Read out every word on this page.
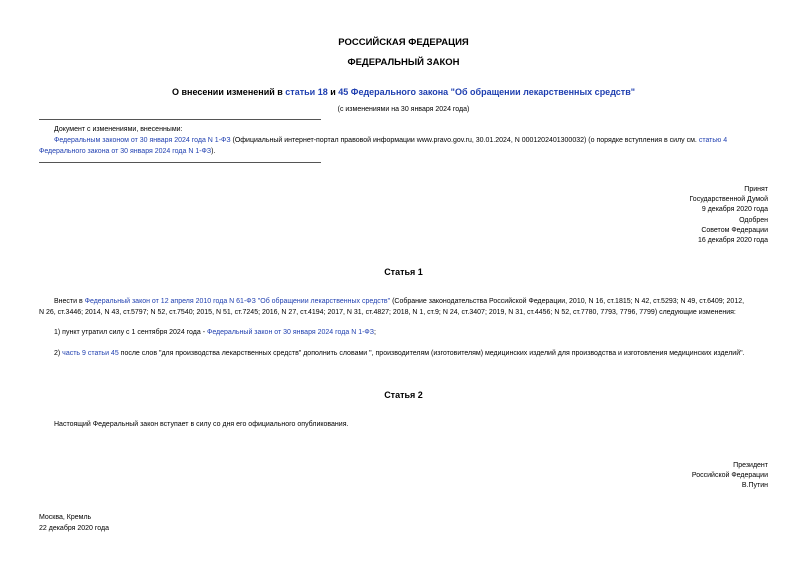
РОССИЙСКАЯ ФЕДЕРАЦИЯ
ФЕДЕРАЛЬНЫЙ ЗАКОН
О внесении изменений в статьи 18 и 45 Федерального закона "Об обращении лекарственных средств"
(с изменениями на 30 января 2024 года)
Документ с изменениями, внесенными:
Федеральным законом от 30 января 2024 года N 1-ФЗ (Официальный интернет-портал правовой информации www.pravo.gov.ru, 30.01.2024, N 0001202401300032) (о порядке вступления в силу см. статью 4 Федерального закона от 30 января 2024 года N 1-ФЗ).
Принят
Государственной Думой
9 декабря 2020 года
Одобрен
Советом Федерации
16 декабря 2020 года
Статья 1
Внести в Федеральный закон от 12 апреля 2010 года N 61-ФЗ "Об обращении лекарственных средств" (Собрание законодательства Российской Федерации, 2010, N 16, ст.1815; N 42, ст.5293; N 49, ст.6409; 2012,
N 26, ст.3446; 2014, N 43, ст.5797; N 52, ст.7540; 2015, N 51, ст.7245; 2016, N 27, ст.4194; 2017, N 31, ст.4827; 2018, N 1, ст.9; N 24, ст.3407; 2019, N 31, ст.4456; N 52, ст.7780, 7793, 7796, 7799) следующие изменения:
1) пункт утратил силу с 1 сентября 2024 года - Федеральный закон от 30 января 2024 года N 1-ФЗ;
2) часть 9 статьи 45 после слов "для производства лекарственных средств" дополнить словами ", производителям (изготовителям) медицинских изделий для производства и изготовления медицинских изделий".
Статья 2
Настоящий Федеральный закон вступает в силу со дня его официального опубликования.
Президент
Российской Федерации
В.Путин
Москва, Кремль
22 декабря 2020 года
